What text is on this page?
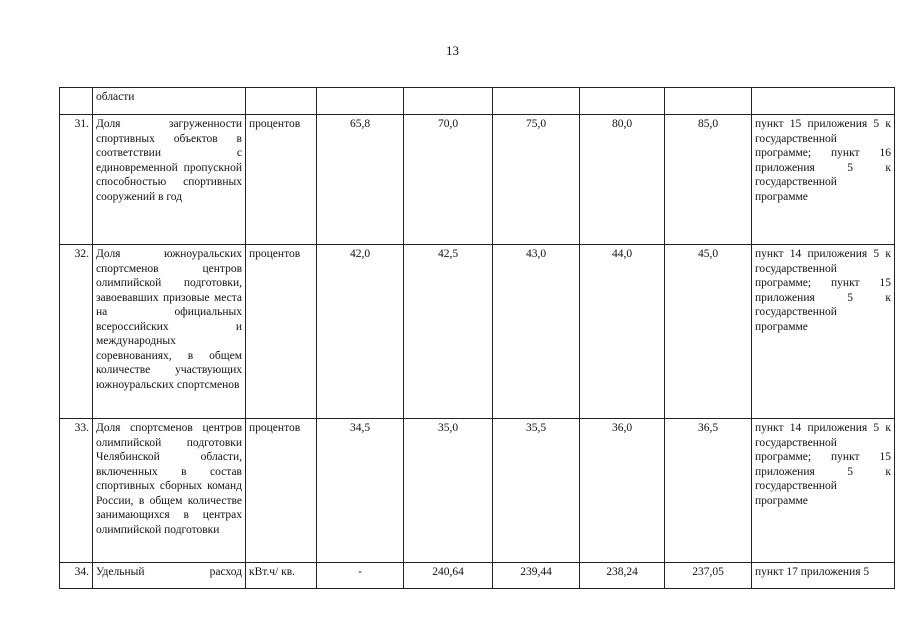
13
	области							
31.	Доля загруженности спортивных объектов в соответствии с единовременной пропускной способностью спортивных сооружений в год	процентов	65,8	70,0	75,0	80,0	85,0	пункт 15 приложения 5 к государственной программе; пункт 16 приложения 5 к государственной программе
32.	Доля южноуральских спортсменов центров олимпийской подготовки, завоевавших призовые места на официальных всероссийских и международных соревнованиях, в общем количестве участвующих южноуральских спортсменов	процентов	42,0	42,5	43,0	44,0	45,0	пункт 14 приложения 5 к государственной программе; пункт 15 приложения 5 к государственной программе
33.	Доля спортсменов центров олимпийской подготовки Челябинской области, включенных в состав спортивных сборных команд России, в общем количестве занимающихся в центрах олимпийской подготовки	процентов	34,5	35,0	35,5	36,0	36,5	пункт 14 приложения 5 к государственной программе; пункт 15 приложения 5 к государственной программе
34.	Удельный расход	кВт.ч/ кв.	-	240,64	239,44	238,24	237,05	пункт 17 приложения 5
